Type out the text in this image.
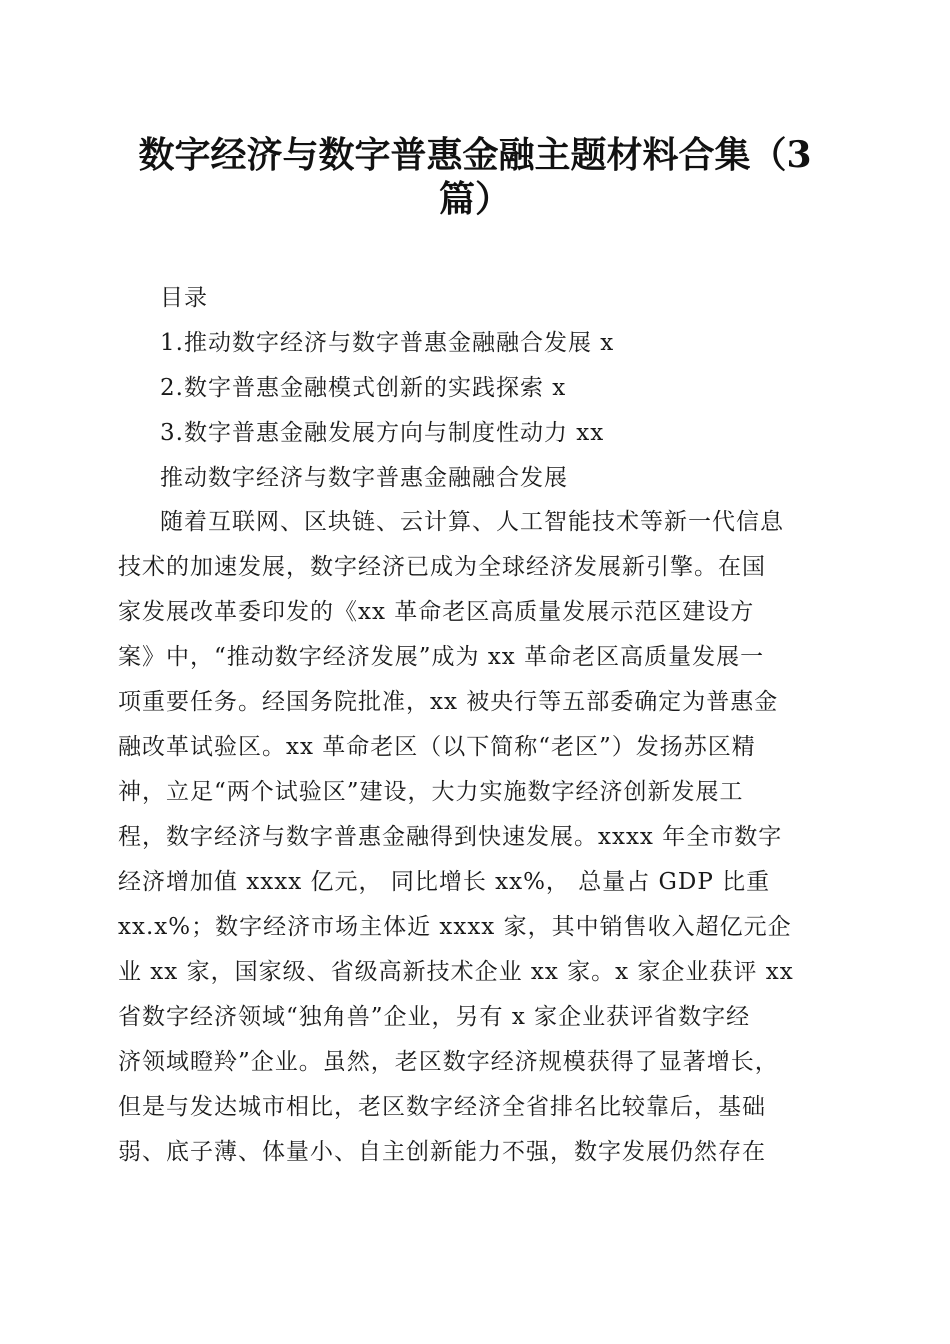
数字经济与数字普惠金融主题材料合集（3
篇）
目录
1.推动数字经济与数字普惠金融融合发展 x
2.数字普惠金融模式创新的实践探索 x
3.数字普惠金融发展方向与制度性动力 xx
推动数字经济与数字普惠金融融合发展
随着互联网、区块链、云计算、人工智能技术等新一代信息
技术的加速发展，数字经济已成为全球经济发展新引擎。在国
家发展改革委印发的《xx 革命老区高质量发展示范区建设方
案》中，“推动数字经济发展”成为 xx 革命老区高质量发展一
项重要任务。经国务院批准，xx 被央行等五部委确定为普惠金
融改革试验区。xx 革命老区（以下简称“老区”）发扬苏区精
神，立足“两个试验区”建设，大力实施数字经济创新发展工
程，数字经济与数字普惠金融得到快速发展。xxxx 年全市数字
经济增加值 xxxx 亿元， 同比增长 xx%， 总量占 GDP 比重
xx.x%；数字经济市场主体近 xxxx 家，其中销售收入超亿元企
业 xx 家，国家级、省级高新技术企业 xx 家。x 家企业获评 xx
省数字经济领域“独角兽”企业，另有 x 家企业获评省数字经
济领域瞪羚”企业。虽然，老区数字经济规模获得了显著增长，
但是与发达城市相比，老区数字经济全省排名比较靠后，基础
弱、底子薄、体量小、自主创新能力不强，数字发展仍然存在
